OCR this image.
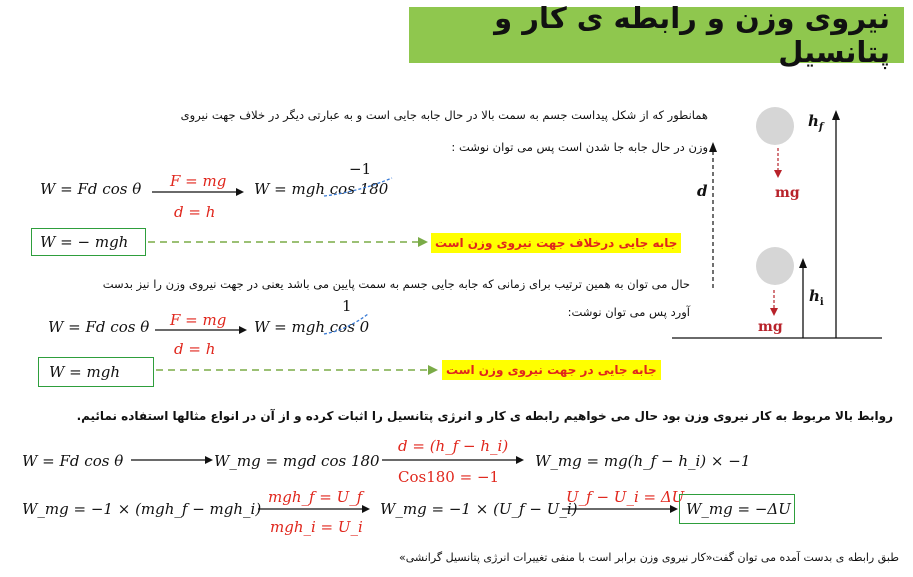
نیروی وزن و رابطه ی کار و پتانسیل
همانطور که از شکل پیداست جسم به سمت بالا در حال جابه جایی است و به عبارتی دیگر در خلاف جهت نیروی
وزن در حال جابه جا شدن است پس می توان نوشت :
W = Fd cos θ F = mg
d = h
W = mgh cos 180
−1
W = − mgh	جابه جایی درخلاف جهت نیروی وزن است
حال می توان به همین ترتیب برای زمانی که جابه جایی جسم به سمت پایین می باشد یعنی در جهت نیروی وزن را نیز بدست
آورد پس می توان نوشت:
W = Fd cos θ F = mg
d = h
W = mgh cos 0
1
W = mgh	جابه جایی در جهت نیروی وزن است
روابط بالا مربوط به کار نیروی وزن بود حال می خواهیم رابطه ی کار و انرژی پتانسیل را اثبات کرده و از آن در انواع مثالها استفاده نمائیم.
W = Fd cos θ	W_mg = mgd cos 180
d = (h_f − h_i)
Cos180 = −1
W_mg = mg(h_f − h_i) × −1
W_mg = −1 × (mgh_f − mgh_i)
mgh_f = U_f
mgh_i = U_i
W_mg = −1 × (U_f − U_i)
U_f − U_i = ΔU
W_mg = −ΔU
طبق رابطه ی بدست آمده می توان گفت«کار نیروی وزن برابر است با منفی تغییرات انرژی پتانسیل گرانشی»
d
$h_f$
$h_i$
mg
mg
